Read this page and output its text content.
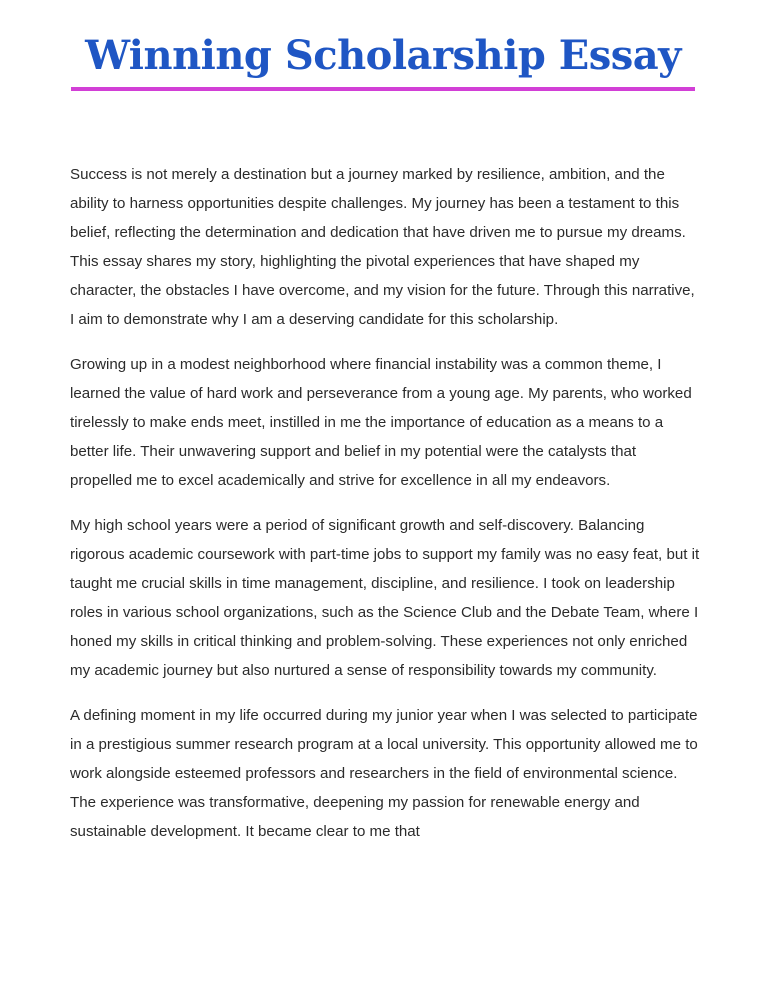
Winning Scholarship Essay

Success is not merely a destination but a journey marked by resilience, ambition, and the ability to harness opportunities despite challenges. My journey has been a testament to this belief, reflecting the determination and dedication that have driven me to pursue my dreams. This essay shares my story, highlighting the pivotal experiences that have shaped my character, the obstacles I have overcome, and my vision for the future. Through this narrative, I aim to demonstrate why I am a deserving candidate for this scholarship.

Growing up in a modest neighborhood where financial instability was a common theme, I learned the value of hard work and perseverance from a young age. My parents, who worked tirelessly to make ends meet, instilled in me the importance of education as a means to a better life. Their unwavering support and belief in my potential were the catalysts that propelled me to excel academically and strive for excellence in all my endeavors.

My high school years were a period of significant growth and self-discovery. Balancing rigorous academic coursework with part-time jobs to support my family was no easy feat, but it taught me crucial skills in time management, discipline, and resilience. I took on leadership roles in various school organizations, such as the Science Club and the Debate Team, where I honed my skills in critical thinking and problem-solving. These experiences not only enriched my academic journey but also nurtured a sense of responsibility towards my community.

A defining moment in my life occurred during my junior year when I was selected to participate in a prestigious summer research program at a local university. This opportunity allowed me to work alongside esteemed professors and researchers in the field of environmental science. The experience was transformative, deepening my passion for renewable energy and sustainable development. It became clear to me that
